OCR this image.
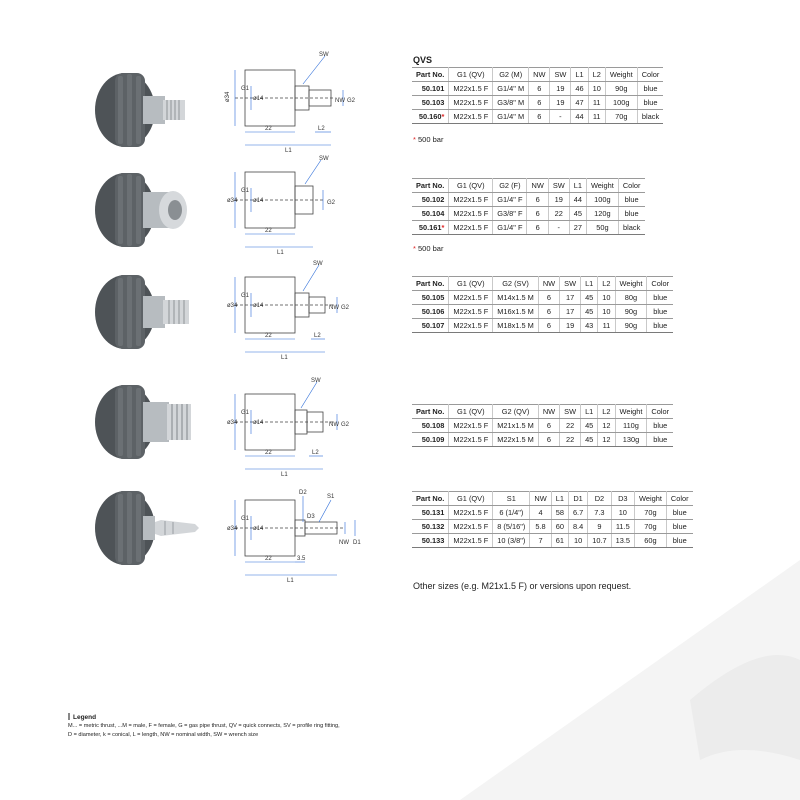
QVS
SW
ø34
G1
ø14
22
L1
L2
NW G2
SW
ø34
G1
ø14
22
L1
G2
SW
ø34
G1
ø14
22
L1
L2
NW G2
SW
ø34
G1
ø14
22
L1
L2
NW G2
D2
S1
D3
ø34
G1
ø14
22	3.5
L1
NW D1
Part No.	G1 (QV)	G2 (M)	NW	SW	L1	L2	Weight	Color
50.101	M22x1.5 F	G1/4" M	6	19	46	10	90g	blue
50.103	M22x1.5 F	G3/8" M	6	19	47	11	100g	blue
50.160*	M22x1.5 F	G1/4" M	6	-	44	11	70g	black
* 500 bar
Part No.	G1 (QV)	G2 (F)	NW	SW	L1	Weight	Color
50.102	M22x1.5 F	G1/4" F	6	19	44	100g	blue
50.104	M22x1.5 F	G3/8" F	6	22	45	120g	blue
50.161*	M22x1.5 F	G1/4" F	6	-	27	50g	black
* 500 bar
Part No.	G1 (QV)	G2 (SV)	NW	SW	L1	L2	Weight	Color
50.105	M22x1.5 F	M14x1.5 M	6	17	45	10	80g	blue
50.106	M22x1.5 F	M16x1.5 M	6	17	45	10	90g	blue
50.107	M22x1.5 F	M18x1.5 M	6	19	43	11	90g	blue
Part No.	G1 (QV)	G2 (QV)	NW	SW	L1	L2	Weight	Color
50.108	M22x1.5 F	M21x1.5 M	6	22	45	12	110g	blue
50.109	M22x1.5 F	M22x1.5 M	6	22	45	12	130g	blue
Part No.	G1 (QV)	S1	NW	L1	D1	D2	D3	Weight	Color
50.131	M22x1.5 F	6 (1/4")	4	58	6.7	7.3	10	70g	blue
50.132	M22x1.5 F	8 (5/16")	5.8	60	8.4	9	11.5	70g	blue
50.133	M22x1.5 F	10 (3/8")	7	61	10	10.7	13.5	60g	blue
Other sizes (e.g. M21x1.5 F) or versions upon request.
Legend
M... = metric thrust, ...M = male, F = female, G = gas pipe thrust, QV = quick connects, SV = profile ring fitting,
D = diameter, k = conical, L = length, NW = nominal width, SW = wrench size
